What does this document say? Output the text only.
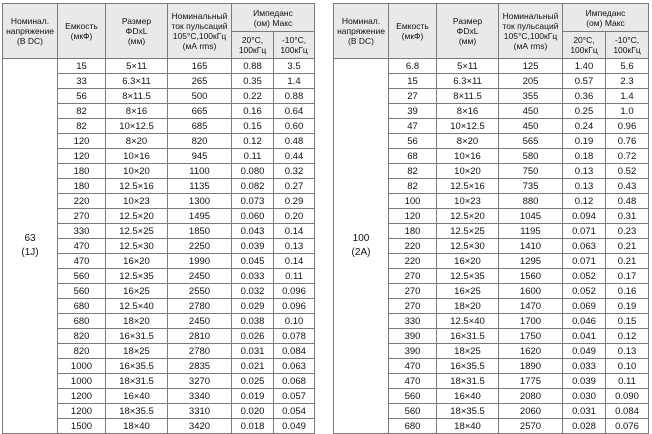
Номинал.
напряжение
(В DC)	Емкость
(мкФ)	Размер
ΦDxL
(мм)	Номинальный
ток пульсаций
105°C,100кГц
(мА rms)	Импеданс
(ом) Макс	

				20°C,
100кГц	-10°C,
100кГц

63
(1J)	15	5×11	165	0.88	3.5
	33	6.3×11	265	0.35	1.4
	56	8×11.5	500	0.22	0.88
	82	8×16	665	0.16	0.64
	82	10×12.5	685	0.15	0.60
	120	8×20	820	0.12	0.48
	120	10×16	945	0.11	0.44
	180	10×20	1100	0.080	0.32
	180	12.5×16	1135	0.082	0.27
	220	10×23	1300	0.073	0.29
	270	12.5×20	1495	0.060	0.20
	330	12.5×25	1850	0.043	0.14
	470	12.5×30	2250	0.039	0.13
	470	16×20	1990	0.045	0.14
	560	12.5×35	2450	0.033	0.11
	560	16×25	2550	0.032	0.096
	680	12.5×40	2780	0.029	0.096
	680	18×20	2450	0.038	0.10
	820	16×31.5	2810	0.026	0.078
	820	18×25	2780	0.031	0.084
	1000	16×35.5	2835	0.021	0.063
	1000	18×31.5	3270	0.025	0.068
	1200	16×40	3340	0.019	0.057
	1200	18×35.5	3310	0.020	0.054
	1500	18×40	3420	0.018	0.049
Номинал.
напряжение
(В DC)	Емкость
(мкФ)	Размер
ΦDxL
(мм)	Номинальный
ток пульсаций
105°C,100кГц
(мА rms)	Импеданс
(ом) Макс	

				20°C,
100кГц	-10°C,
100кГц

100
(2A)	6.8	5×11	125	1.40	5.6
	15	6.3×11	205	0.57	2.3
	27	8×11.5	355	0.36	1.4
	39	8×16	450	0.25	1.0
	47	10×12.5	450	0.24	0.96
	56	8×20	565	0.19	0.76
	68	10×16	580	0.18	0.72
	82	10×20	750	0.13	0.52
	82	12.5×16	735	0.13	0.43
	100	10×23	880	0.12	0.48
	120	12.5×20	1045	0.094	0.31
	180	12.5×25	1195	0.071	0.23
	220	12.5×30	1410	0.063	0.21
	220	16×20	1295	0.071	0.21
	270	12.5×35	1560	0.052	0.17
	270	16×25	1600	0.052	0.16
	270	18×20	1470	0.069	0.19
	330	12.5×40	1700	0.046	0.15
	390	16×31.5	1750	0.041	0.12
	390	18×25	1620	0.049	0.13
	470	16×35.5	1890	0.033	0.10
	470	18×31.5	1775	0.039	0.11
	560	16×40	2080	0.030	0.090
	560	18×35.5	2060	0.031	0.084
	680	18×40	2570	0.028	0.076
